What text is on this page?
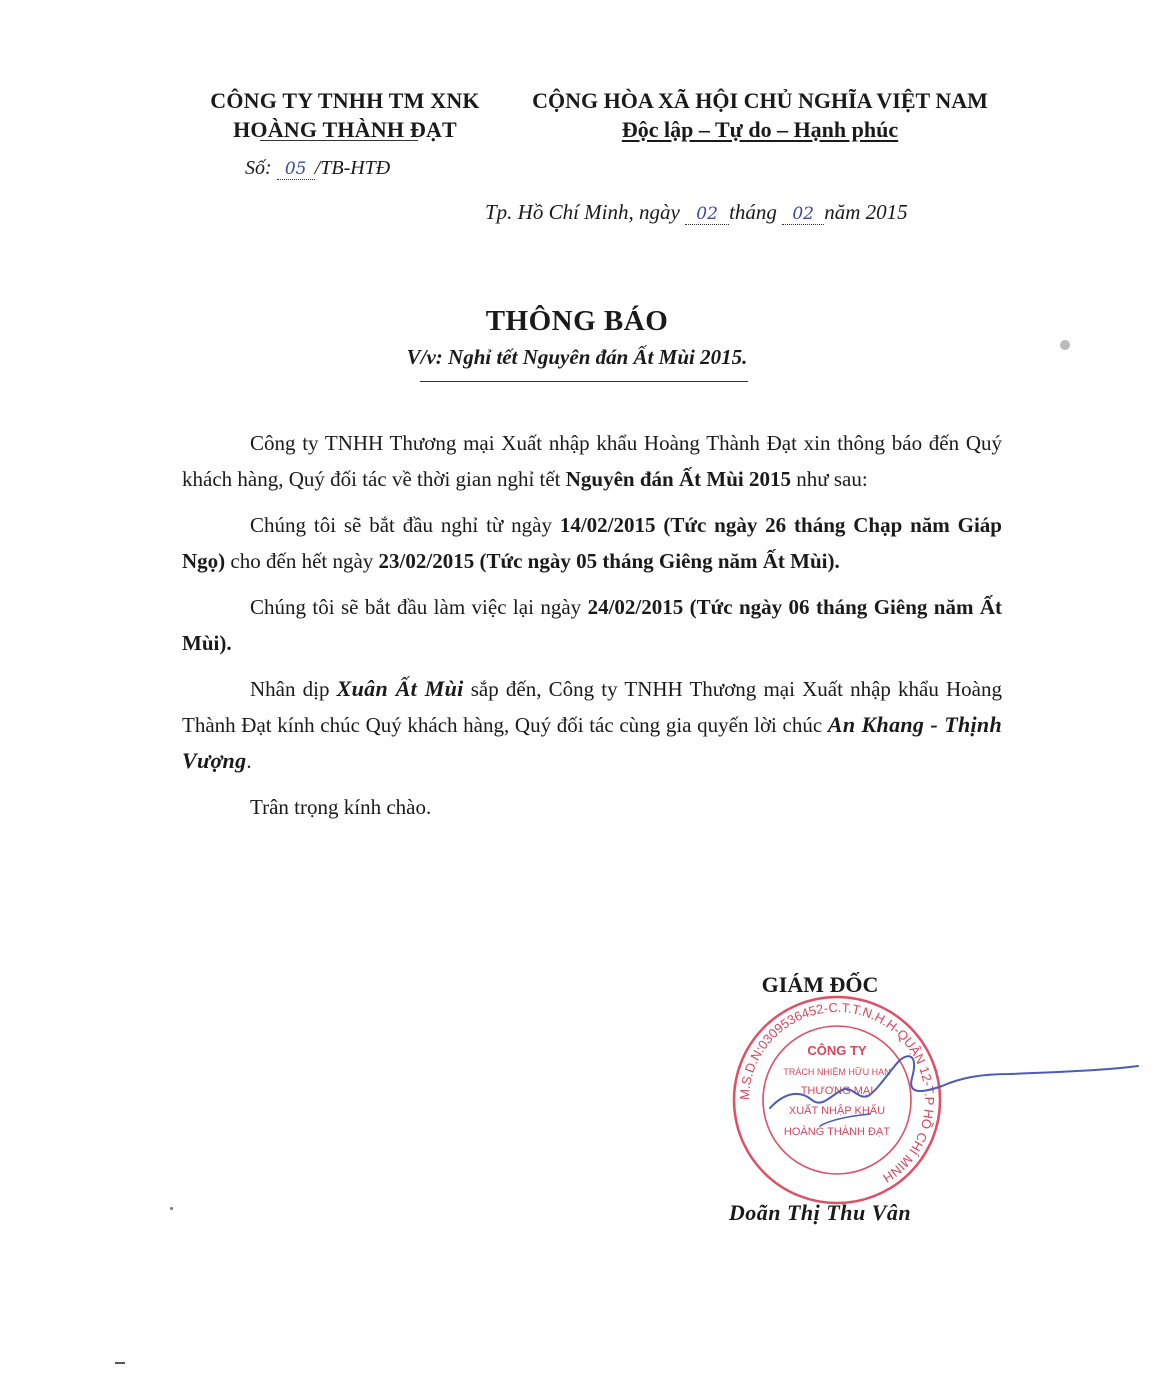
CÔNG TY TNHH TM XNK
HOÀNG THÀNH ĐẠT
CỘNG HÒA XÃ HỘI CHỦ NGHĨA VIỆT NAM
Độc lập – Tự do – Hạnh phúc
Số: 05 /TB-HTĐ
Tp. Hồ Chí Minh, ngày 02 tháng 02 năm 2015
THÔNG BÁO
V/v: Nghỉ tết Nguyên đán Ất Mùi 2015.

Công ty TNHH Thương mại Xuất nhập khẩu Hoàng Thành Đạt xin thông báo đến Quý khách hàng, Quý đối tác về thời gian nghỉ tết Nguyên đán Ất Mùi 2015 như sau:

Chúng tôi sẽ bắt đầu nghỉ từ ngày 14/02/2015 (Tức ngày 26 tháng Chạp năm Giáp Ngọ) cho đến hết ngày 23/02/2015 (Tức ngày 05 tháng Giêng năm Ất Mùi).

Chúng tôi sẽ bắt đầu làm việc lại ngày 24/02/2015 (Tức ngày 06 tháng Giêng năm Ất Mùi).

Nhân dịp Xuân Ất Mùi sắp đến, Công ty TNHH Thương mại Xuất nhập khẩu Hoàng Thành Đạt kính chúc Quý khách hàng, Quý đối tác cùng gia quyến lời chúc An Khang - Thịnh Vượng.

Trân trọng kính chào.

GIÁM ĐỐC
M.S.D.N:0309536452-C.T.T.N.H.H-QUẬN 12-T.P HỒ CHÍ MINH
CÔNG TY
TRÁCH NHIỆM HỮU HẠN
THƯƠNG MẠI
XUẤT NHẬP KHẨU
HOÀNG THÀNH ĐẠT
Doãn Thị Thu Vân
